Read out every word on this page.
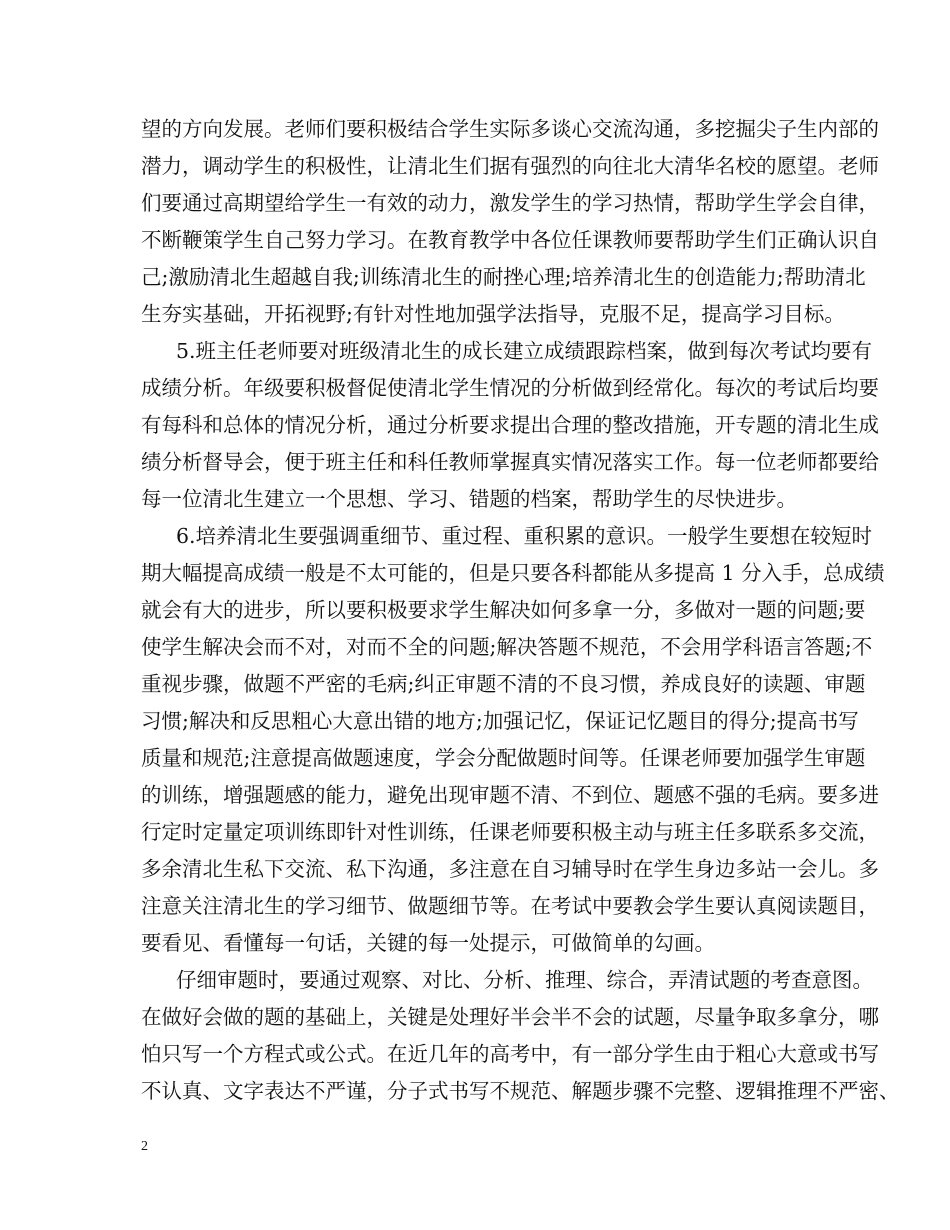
望的方向发展。老师们要积极结合学生实际多谈心交流沟通，多挖掘尖子生内部的
潜力，调动学生的积极性，让清北生们据有强烈的向往北大清华名校的愿望。老师
们要通过高期望给学生一有效的动力，激发学生的学习热情，帮助学生学会自律，
不断鞭策学生自己努力学习。在教育教学中各位任课教师要帮助学生们正确认识自
己;激励清北生超越自我;训练清北生的耐挫心理;培养清北生的创造能力;帮助清北
生夯实基础，开拓视野;有针对性地加强学法指导，克服不足，提高学习目标。
5.班主任老师要对班级清北生的成长建立成绩跟踪档案，做到每次考试均要有
成绩分析。年级要积极督促使清北学生情况的分析做到经常化。每次的考试后均要
有每科和总体的情况分析，通过分析要求提出合理的整改措施，开专题的清北生成
绩分析督导会，便于班主任和科任教师掌握真实情况落实工作。每一位老师都要给
每一位清北生建立一个思想、学习、错题的档案，帮助学生的尽快进步。
6.培养清北生要强调重细节、重过程、重积累的意识。一般学生要想在较短时
期大幅提高成绩一般是不太可能的，但是只要各科都能从多提高 1 分入手，总成绩
就会有大的进步，所以要积极要求学生解决如何多拿一分，多做对一题的问题;要
使学生解决会而不对，对而不全的问题;解决答题不规范，不会用学科语言答题;不
重视步骤，做题不严密的毛病;纠正审题不清的不良习惯，养成良好的读题、审题
习惯;解决和反思粗心大意出错的地方;加强记忆，保证记忆题目的得分;提高书写
质量和规范;注意提高做题速度，学会分配做题时间等。任课老师要加强学生审题
的训练，增强题感的能力，避免出现审题不清、不到位、题感不强的毛病。要多进
行定时定量定项训练即针对性训练，任课老师要积极主动与班主任多联系多交流，
多余清北生私下交流、私下沟通，多注意在自习辅导时在学生身边多站一会儿。多
注意关注清北生的学习细节、做题细节等。在考试中要教会学生要认真阅读题目，
要看见、看懂每一句话，关键的每一处提示，可做简单的勾画。
仔细审题时，要通过观察、对比、分析、推理、综合，弄清试题的考查意图。
在做好会做的题的基础上，关键是处理好半会半不会的试题，尽量争取多拿分，哪
怕只写一个方程式或公式。在近几年的高考中，有一部分学生由于粗心大意或书写
不认真、文字表达不严谨，分子式书写不规范、解题步骤不完整、逻辑推理不严密、
2
